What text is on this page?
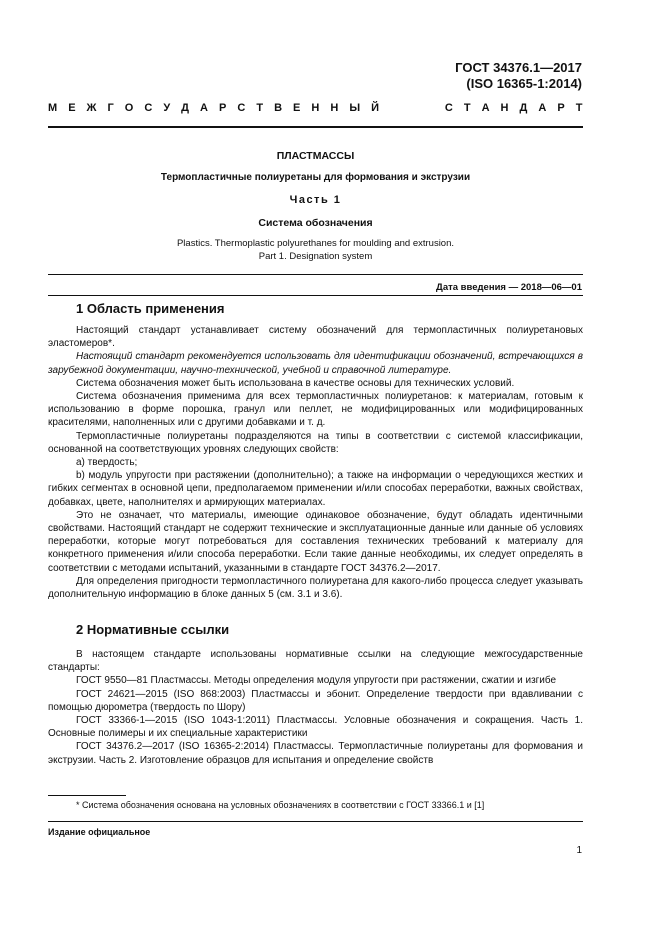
ГОСТ 34376.1—2017
(ISO 16365-1:2014)
М Е Ж Г О С У Д А Р С Т В Е Н Н Ы Й	С Т А Н Д А Р Т
ПЛАСТМАССЫ
Термопластичные полиуретаны для формования и экструзии
Часть 1
Система обозначения
Plastics. Thermoplastic polyurethanes for moulding and extrusion.
Part 1. Designation system
Дата введения — 2018—06—01
1 Область применения

Настоящий стандарт устанавливает систему обозначений для термопластичных полиуретановых эластомеров*.

Настоящий стандарт рекомендуется использовать для идентификации обозначений, встречающихся в зарубежной документации, научно-технической, учебной и справочной литературе.

Система обозначения может быть использована в качестве основы для технических условий.

Система обозначения применима для всех термопластичных полиуретанов: к материалам, готовым к использованию в форме порошка, гранул или пеллет, не модифицированных или модифицированных красителями, наполненных или с другими добавками и т. д.

Термопластичные полиуретаны подразделяются на типы в соответствии с системой классификации, основанной на соответствующих уровнях следующих свойств:

а) твердость;

b) модуль упругости при растяжении (дополнительно); а также на информации о чередующихся жестких и гибких сегментах в основной цепи, предполагаемом применении и/или способах переработки, важных свойствах, добавках, цвете, наполнителях и армирующих материалах.

Это не означает, что материалы, имеющие одинаковое обозначение, будут обладать идентичными свойствами. Настоящий стандарт не содержит технические и эксплуатационные данные или данные об условиях переработки, которые могут потребоваться для составления технических требований к материалу для конкретного применения и/или способа переработки. Если такие данные необходимы, их следует определять в соответствии с методами испытаний, указанными в стандарте ГОСТ 34376.2—2017.

Для определения пригодности термопластичного полиуретана для какого-либо процесса следует указывать дополнительную информацию в блоке данных 5 (см. 3.1 и 3.6).

2 Нормативные ссылки

В настоящем стандарте использованы нормативные ссылки на следующие межгосударственные стандарты:

ГОСТ 9550—81 Пластмассы. Методы определения модуля упругости при растяжении, сжатии и изгибе

ГОСТ 24621—2015 (ISO 868:2003) Пластмассы и эбонит. Определение твердости при вдавливании с помощью дюрометра (твердость по Шору)

ГОСТ 33366-1—2015 (ISO 1043-1:2011) Пластмассы. Условные обозначения и сокращения. Часть 1. Основные полимеры и их специальные характеристики

ГОСТ 34376.2—2017 (ISO 16365-2:2014) Пластмассы. Термопластичные полиуретаны для формования и экструзии. Часть 2. Изготовление образцов для испытания и определение свойств

* Система обозначения основана на условных обозначениях в соответствии с ГОСТ 33366.1 и [1]
Издание официальное
1
